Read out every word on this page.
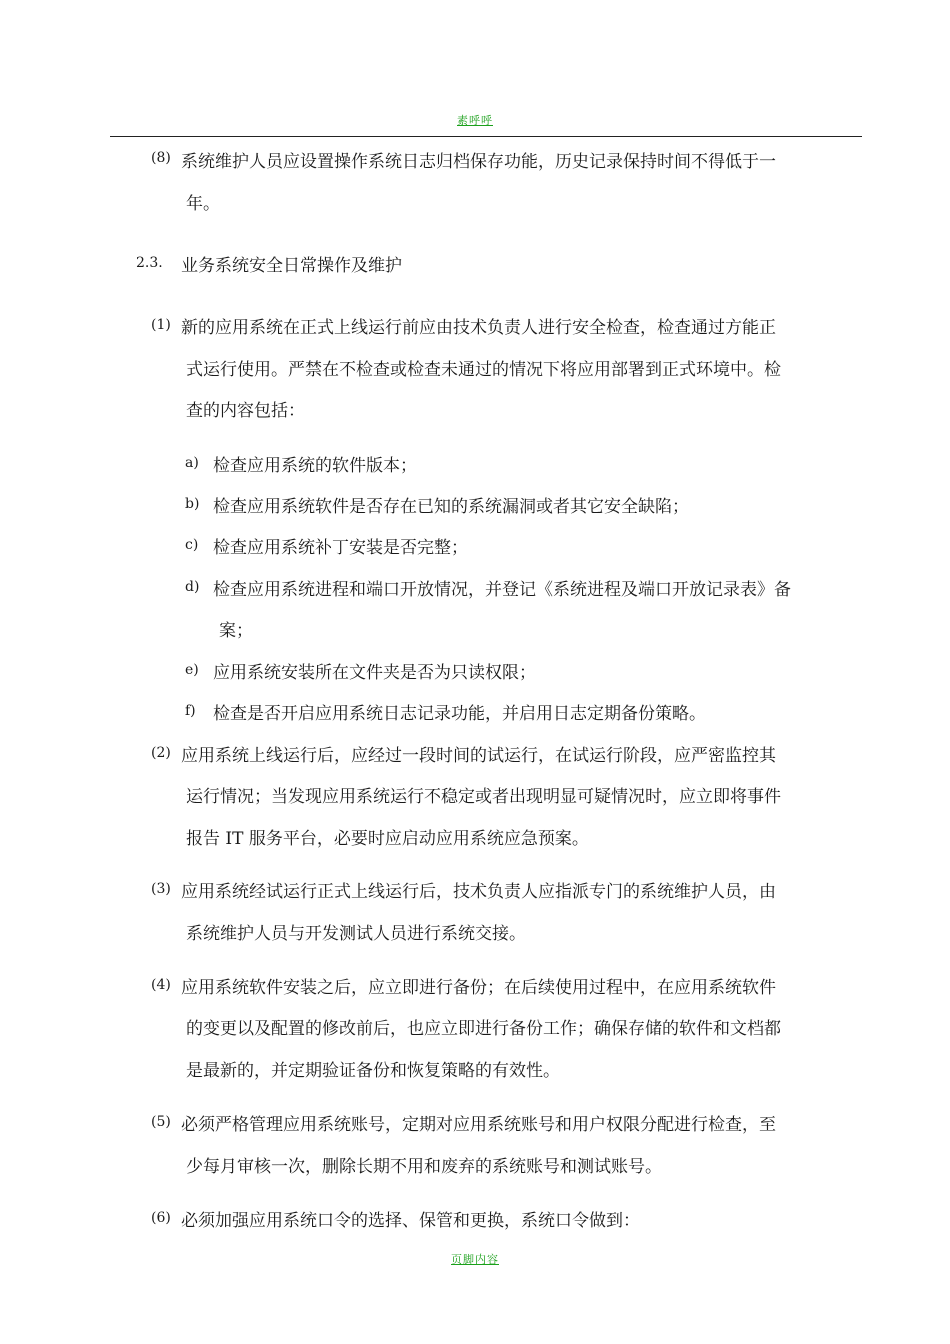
素呼呼
(8) 系统维护人员应设置操作系统日志归档保存功能，历史记录保持时间不得低于一
年。
2.3. 业务系统安全日常操作及维护
(1) 新的应用系统在正式上线运行前应由技术负责人进行安全检查，检查通过方能正
式运行使用。严禁在不检查或检查未通过的情况下将应用部署到正式环境中。检
查的内容包括：
a) 检查应用系统的软件版本；
b) 检查应用系统软件是否存在已知的系统漏洞或者其它安全缺陷；
c) 检查应用系统补丁安装是否完整；
d) 检查应用系统进程和端口开放情况，并登记《系统进程及端口开放记录表》备
案；
e) 应用系统安装所在文件夹是否为只读权限；
f) 检查是否开启应用系统日志记录功能，并启用日志定期备份策略。
(2) 应用系统上线运行后，应经过一段时间的试运行，在试运行阶段，应严密监控其
运行情况；当发现应用系统运行不稳定或者出现明显可疑情况时，应立即将事件
报告 IT 服务平台，必要时应启动应用系统应急预案。
(3) 应用系统经试运行正式上线运行后，技术负责人应指派专门的系统维护人员，由
系统维护人员与开发测试人员进行系统交接。
(4) 应用系统软件安装之后，应立即进行备份；在后续使用过程中，在应用系统软件
的变更以及配置的修改前后，也应立即进行备份工作；确保存储的软件和文档都
是最新的，并定期验证备份和恢复策略的有效性。
(5) 必须严格管理应用系统账号，定期对应用系统账号和用户权限分配进行检查，至
少每月审核一次，删除长期不用和废弃的系统账号和测试账号。
(6) 必须加强应用系统口令的选择、保管和更换，系统口令做到：
页脚内容
